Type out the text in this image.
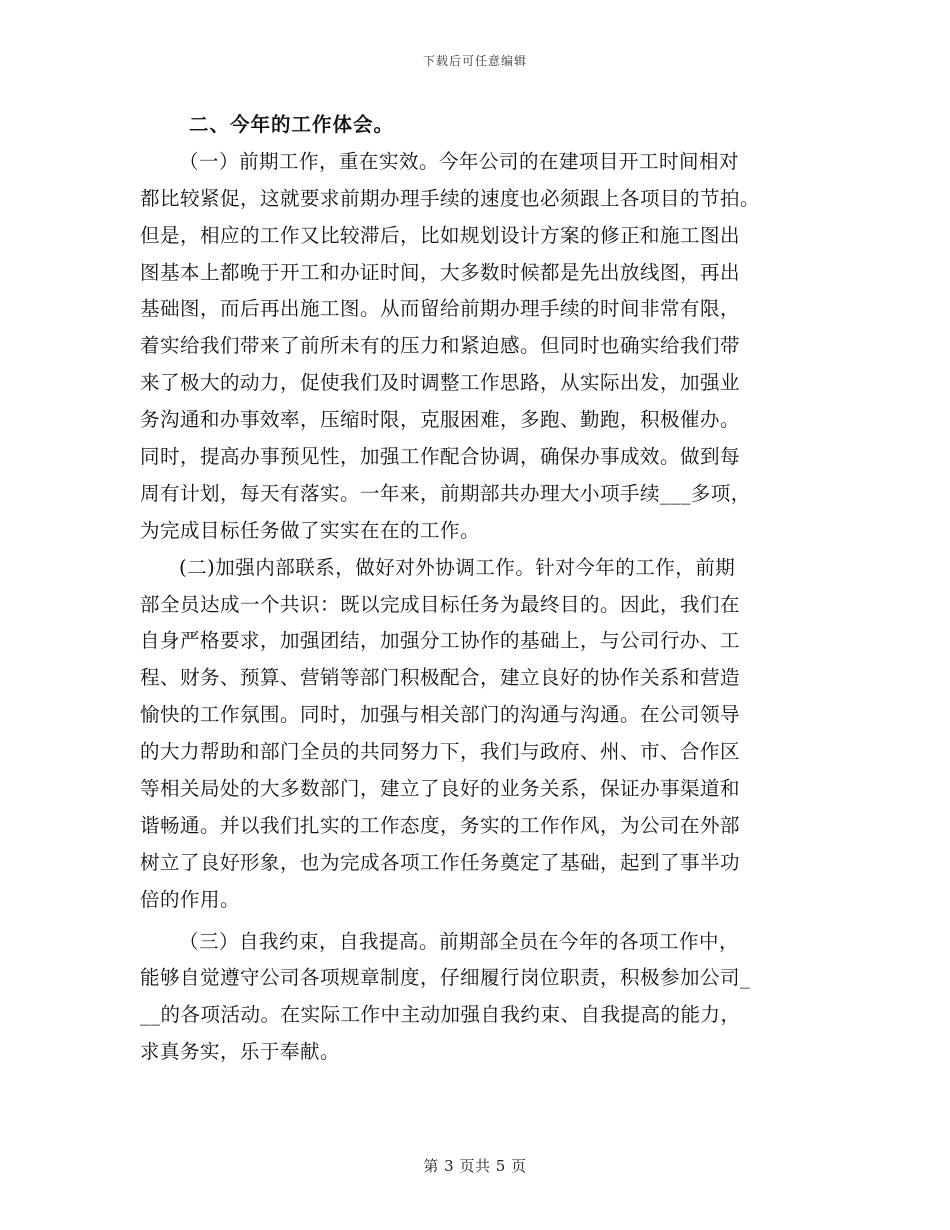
下载后可任意编辑
二、今年的工作体会。
（一）前期工作，重在实效。今年公司的在建项目开工时间相对
都比较紧促，这就要求前期办理手续的速度也必须跟上各项目的节拍。
但是，相应的工作又比较滞后，比如规划设计方案的修正和施工图出
图基本上都晚于开工和办证时间，大多数时候都是先出放线图，再出
基础图，而后再出施工图。从而留给前期办理手续的时间非常有限，
着实给我们带来了前所未有的压力和紧迫感。但同时也确实给我们带
来了极大的动力，促使我们及时调整工作思路，从实际出发，加强业
务沟通和办事效率，压缩时限，克服困难，多跑、勤跑，积极催办。
同时，提高办事预见性，加强工作配合协调，确保办事成效。做到每
周有计划，每天有落实。一年来，前期部共办理大小项手续___多项，
为完成目标任务做了实实在在的工作。
(二)加强内部联系，做好对外协调工作。针对今年的工作，前期
部全员达成一个共识：既以完成目标任务为最终目的。因此，我们在
自身严格要求，加强团结，加强分工协作的基础上，与公司行办、工
程、财务、预算、营销等部门积极配合，建立良好的协作关系和营造
愉快的工作氛围。同时，加强与相关部门的沟通与沟通。在公司领导
的大力帮助和部门全员的共同努力下，我们与政府、州、市、合作区
等相关局处的大多数部门，建立了良好的业务关系，保证办事渠道和
谐畅通。并以我们扎实的工作态度，务实的工作作风，为公司在外部
树立了良好形象，也为完成各项工作任务奠定了基础，起到了事半功
倍的作用。
（三）自我约束，自我提高。前期部全员在今年的各项工作中，
能够自觉遵守公司各项规章制度，仔细履行岗位职责，积极参加公司_
__的各项活动。在实际工作中主动加强自我约束、自我提高的能力，
求真务实，乐于奉献。
第 3 页共 5 页
